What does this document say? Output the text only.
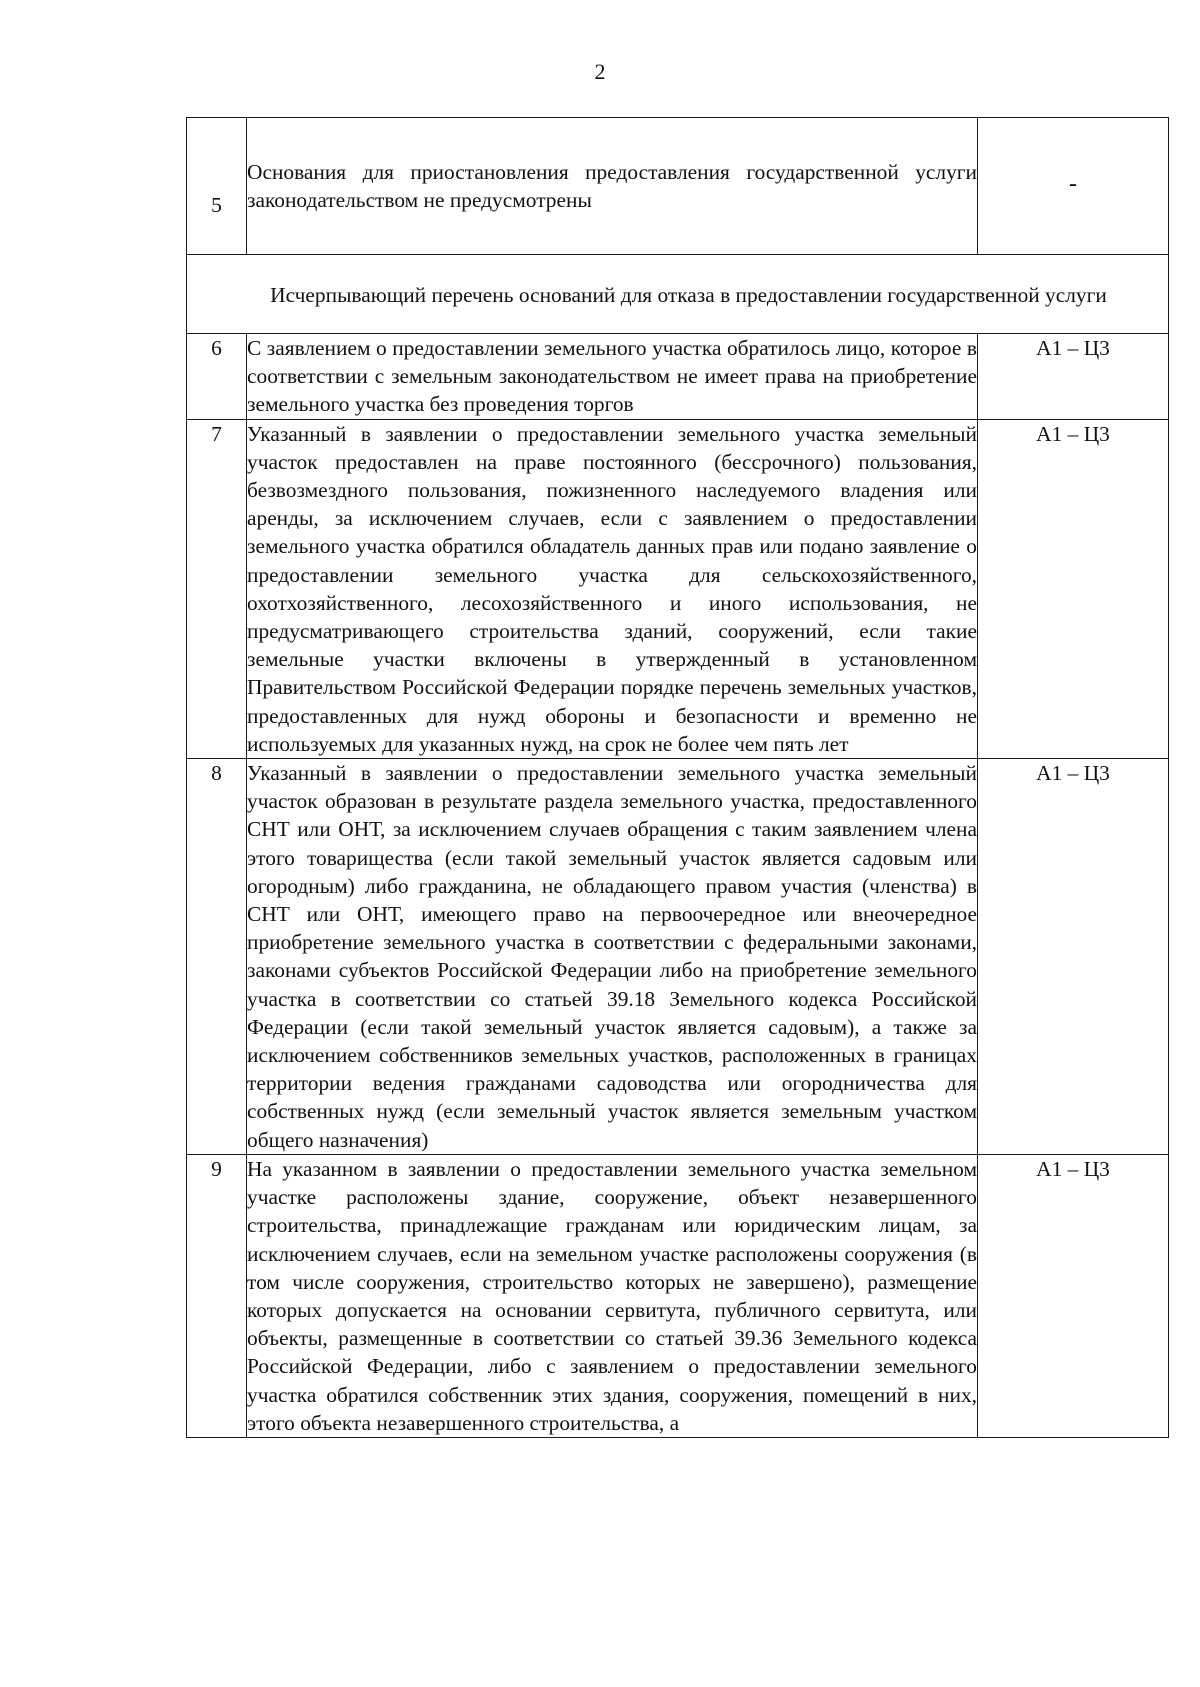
2
5	Основания для приостановления предоставления государственной услуги законодательством не предусмотрены	-
Исчерпывающий перечень оснований для отказа в предоставлении государственной услуги		
6	С заявлением о предоставлении земельного участка обратилось лицо, которое в соответствии с земельным законодательством не имеет права на приобретение земельного участка без проведения торгов	А1 – Ц3
7	Указанный в заявлении о предоставлении земельного участка земельный участок предоставлен на праве постоянного (бессрочного) пользования, безвозмездного пользования, пожизненного наследуемого владения или аренды, за исключением случаев, если с заявлением о предоставлении земельного участка обратился обладатель данных прав или подано заявление о предоставлении земельного участка для сельскохозяйственного, охотхозяйственного, лесохозяйственного и иного использования, не предусматривающего строительства зданий, сооружений, если такие земельные участки включены в утвержденный в установленном Правительством Российской Федерации порядке перечень земельных участков, предоставленных для нужд обороны и безопасности и временно не используемых для указанных нужд, на срок не более чем пять лет	А1 – Ц3
8	Указанный в заявлении о предоставлении земельного участка земельный участок образован в результате раздела земельного участка, предоставленного СНТ или ОНТ, за исключением случаев обращения с таким заявлением члена этого товарищества (если такой земельный участок является садовым или огородным) либо гражданина, не обладающего правом участия (членства) в СНТ или ОНТ, имеющего право на первоочередное или внеочередное приобретение земельного участка в соответствии с федеральными законами, законами субъектов Российской Федерации либо на приобретение земельного участка в соответствии со статьей 39.18 Земельного кодекса Российской Федерации (если такой земельный участок является садовым), а также за исключением собственников земельных участков, расположенных в границах территории ведения гражданами садоводства или огородничества для собственных нужд (если земельный участок является земельным участком общего назначения)	А1 – Ц3
9	На указанном в заявлении о предоставлении земельного участка земельном участке расположены здание, сооружение, объект незавершенного строительства, принадлежащие гражданам или юридическим лицам, за исключением случаев, если на земельном участке расположены сооружения (в том числе сооружения, строительство которых не завершено), размещение которых допускается на основании сервитута, публичного сервитута, или объекты, размещенные в соответствии со статьей 39.36 Земельного кодекса Российской Федерации, либо с заявлением о предоставлении земельного участка обратился собственник этих здания, сооружения, помещений в них, этого объекта незавершенного строительства, а	А1 – Ц3
